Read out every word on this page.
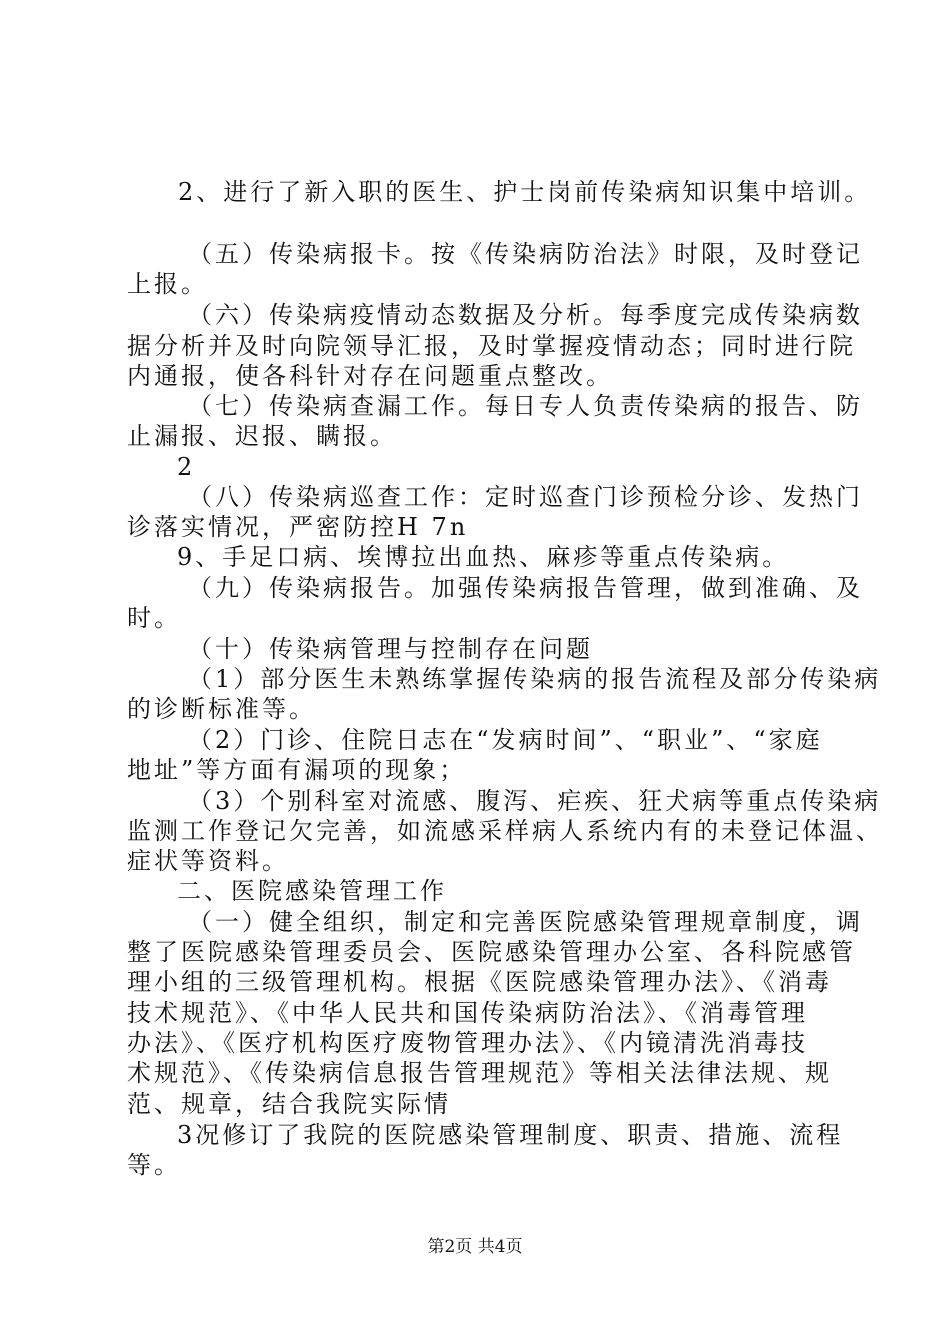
2、进行了新入职的医生、护士岗前传染病知识集中培训。
（五）传染病报卡。按《传染病防治法》时限，及时登记
上报。
（六）传染病疫情动态数据及分析。每季度完成传染病数
据分析并及时向院领导汇报，及时掌握疫情动态；同时进行院
内通报，使各科针对存在问题重点整改。
（七）传染病查漏工作。每日专人负责传染病的报告、防
止漏报、迟报、瞒报。
2
（八）传染病巡查工作：定时巡查门诊预检分诊、发热门
诊落实情况，严密防控H 7n
9、手足口病、埃博拉出血热、麻疹等重点传染病。
（九）传染病报告。加强传染病报告管理，做到准确、及
时。
（十）传染病管理与控制存在问题
（1）部分医生未熟练掌握传染病的报告流程及部分传染病
的诊断标准等。
（2）门诊、住院日志在“发病时间”、“职业”、“家庭
地址”等方面有漏项的现象；
（3）个别科室对流感、腹泻、疟疾、狂犬病等重点传染病
监测工作登记欠完善，如流感采样病人系统内有的未登记体温、
症状等资料。
二、医院感染管理工作
（一）健全组织，制定和完善医院感染管理规章制度，调
整了医院感染管理委员会、医院感染管理办公室、各科院感管
理小组的三级管理机构。根据《医院感染管理办法》、《消毒
技术规范》、《中华人民共和国传染病防治法》、《消毒管理
办法》、《医疗机构医疗废物管理办法》、《内镜清洗消毒技
术规范》、《传染病信息报告管理规范》等相关法律法规、规
范、规章，结合我院实际情
3况修订了我院的医院感染管理制度、职责、措施、流程
等。
第2页 共4页
